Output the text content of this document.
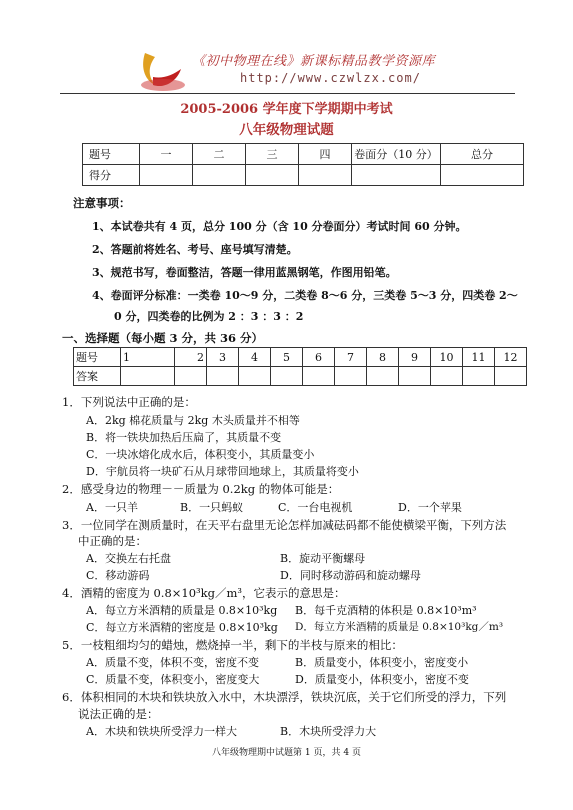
《初中物理在线》新课标精品教学资源库
http://www.czwlzx.com/
2005-2006 学年度下学期期中考试
八年级物理试题
题号	一	二	三	四	卷面分（10 分）	总分
得分						
注意事项：
1、本试卷共有 4 页，总分 100 分（含 10 分卷面分）考试时间 60 分钟。
2、答题前将姓名、考号、座号填写清楚。
3、规范书写，卷面整洁，答题一律用蓝黑钢笔，作图用铅笔。
4、卷面评分标准：一类卷 10～9 分，二类卷 8～6 分，三类卷 5～3 分，四类卷 2～
0 分，四类卷的比例为 2 ：3 ：3 ：2
一、选择题（每小题 3 分，共 36 分）
题号	1	2	3	4	5	6	7	8	9	10	11	12
答案												
1．下列说法中正确的是：
A．2kg 棉花质量与 2kg 木头质量并不相等
B．将一铁块加热后压扁了，其质量不变
C．一块冰熔化成水后，体积变小，其质量变小
D．宇航员将一块矿石从月球带回地球上，其质量将变小
2．感受身边的物理－－质量为 0.2kg 的物体可能是：
A．一只羊	B．一只蚂蚁	C．一台电视机	D．一个苹果
3．一位同学在测质量时，在天平右盘里无论怎样加减砝码都不能使横梁平衡，下列方法
中正确的是：
A．交换左右托盘	B．旋动平衡螺母
C．移动游码	D．同时移动游码和旋动螺母
4．酒精的密度为 0.8×10³kg／m³，它表示的意思是：
A．每立方米酒精的质量是 0.8×10³kg B．每千克酒精的体积是 0.8×10³m³
C．每立方米酒精的密度是 0.8×10³kg D．每立方米酒精的质量是 0.8×10³kg／m³
5．一枝粗细均匀的蜡烛，燃烧掉一半，剩下的半枝与原来的相比：
A．质量不变，体积不变，密度不变	B．质量变小，体积变小，密度变小
C．质量不变，体积变小，密度变大	D．质量变小，体积变小，密度不变
6．体积相同的木块和铁块放入水中，木块漂浮，铁块沉底，关于它们所受的浮力，下列
说法正确的是：
A．木块和铁块所受浮力一样大	B．木块所受浮力大
八年级物理期中试题第 1 页，共 4 页
